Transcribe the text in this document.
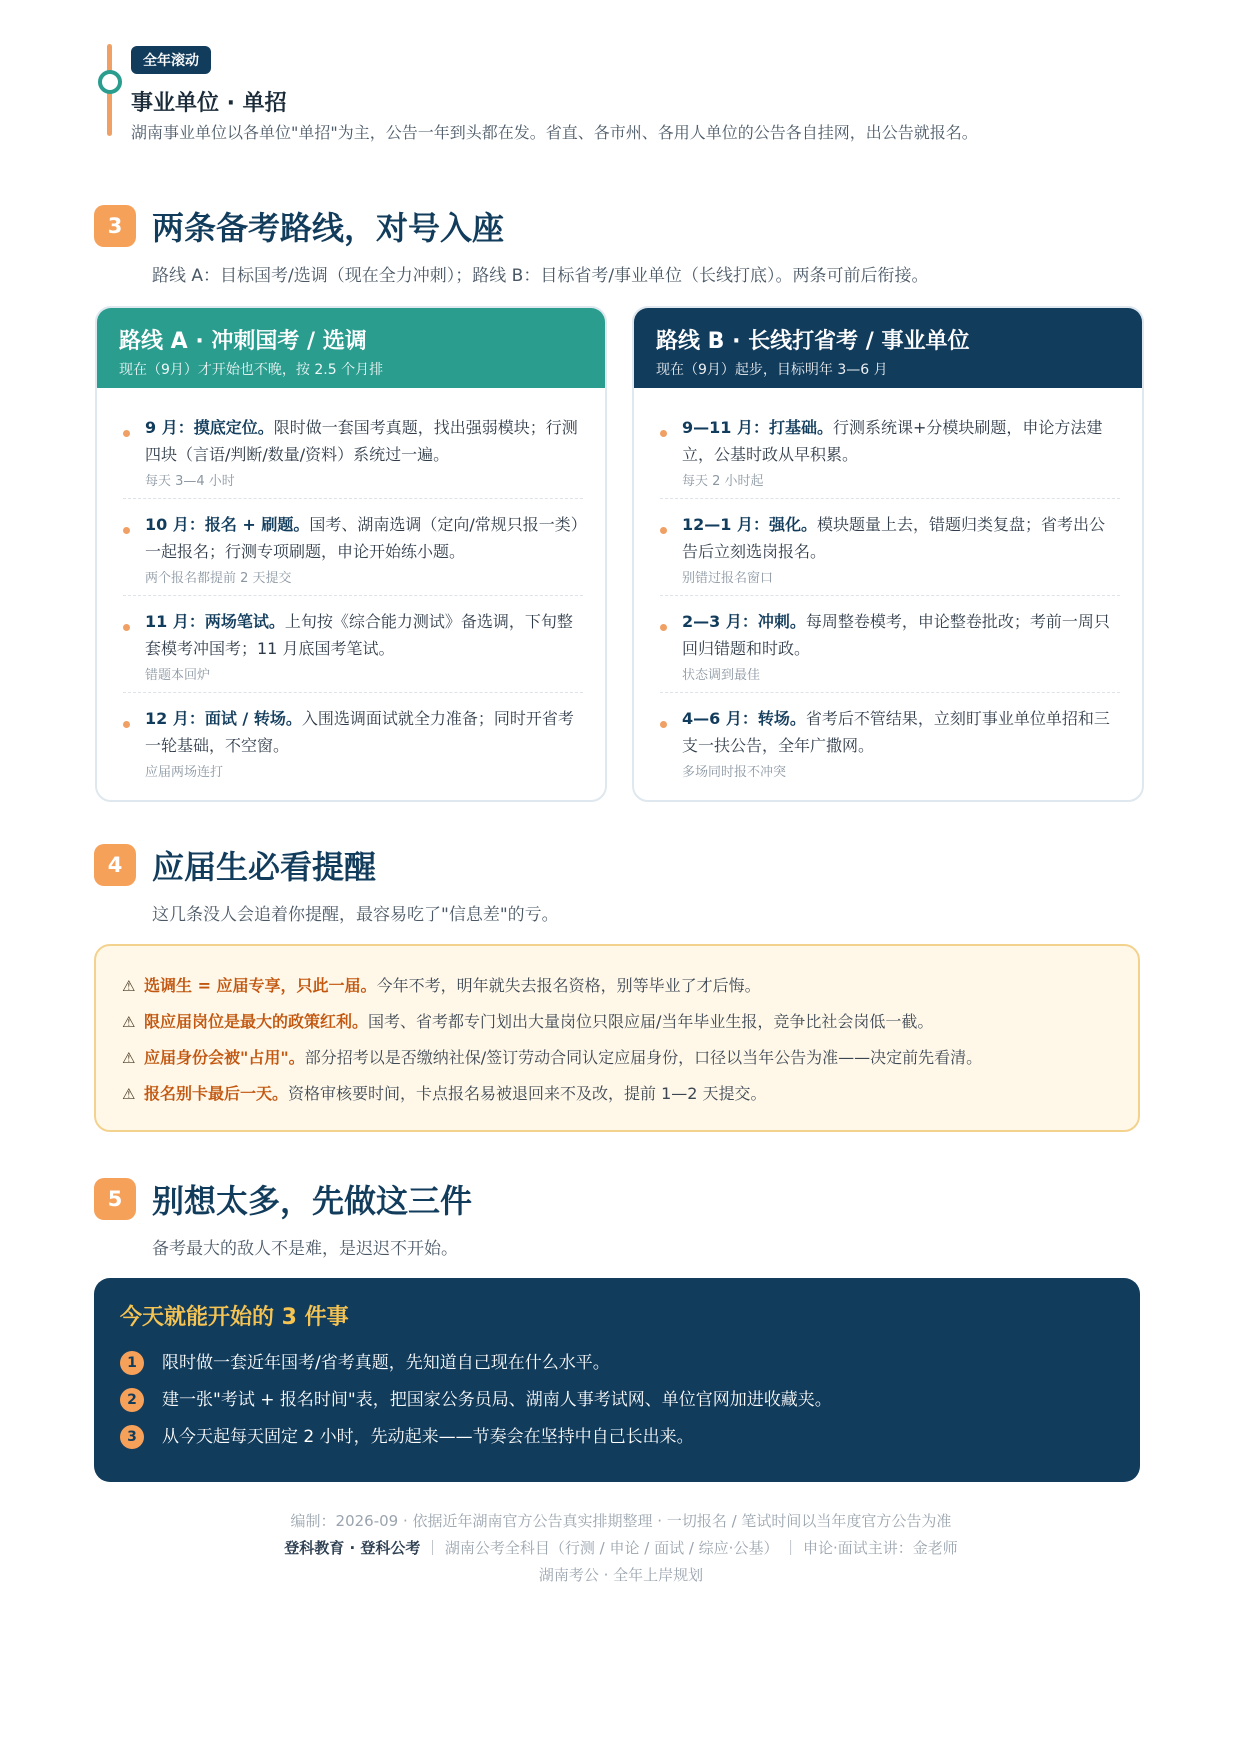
全年滚动
事业单位 · 单招
湖南事业单位以各单位"单招"为主，公告一年到头都在发。省直、各市州、各用人单位的公告各自挂网，出公告就报名。
3 两条备考路线，对号入座
路线 A：目标国考/选调（现在全力冲刺）；路线 B：目标省考/事业单位（长线打底）。两条可前后衔接。
路线 A · 冲刺国考 / 选调
现在（9月）才开始也不晚，按 2.5 个月排
9 月：摸底定位。限时做一套国考真题，找出强弱模块；行测四块（言语/判断/数量/资料）系统过一遍。
每天 3—4 小时
10 月：报名 + 刷题。国考、湖南选调（定向/常规只报一类）一起报名；行测专项刷题，申论开始练小题。
两个报名都提前 2 天提交
11 月：两场笔试。上旬按《综合能力测试》备选调，下旬整套模考冲国考；11 月底国考笔试。
错题本回炉
12 月：面试 / 转场。入围选调面试就全力准备；同时开省考一轮基础，不空窗。
应届两场连打
路线 B · 长线打省考 / 事业单位
现在（9月）起步，目标明年 3—6 月
9—11 月：打基础。行测系统课+分模块刷题，申论方法建立，公基时政从早积累。
每天 2 小时起
12—1 月：强化。模块题量上去，错题归类复盘；省考出公告后立刻选岗报名。
别错过报名窗口
2—3 月：冲刺。每周整卷模考，申论整卷批改；考前一周只回归错题和时政。
状态调到最佳
4—6 月：转场。省考后不管结果，立刻盯事业单位单招和三支一扶公告，全年广撒网。
多场同时报不冲突
4 应届生必看提醒
这几条没人会追着你提醒，最容易吃了"信息差"的亏。
⚠ 选调生 = 应届专享，只此一届。今年不考，明年就失去报名资格，别等毕业了才后悔。
⚠ 限应届岗位是最大的政策红利。国考、省考都专门划出大量岗位只限应届/当年毕业生报，竞争比社会岗低一截。
⚠ 应届身份会被"占用"。部分招考以是否缴纳社保/签订劳动合同认定应届身份，口径以当年公告为准——决定前先看清。
⚠ 报名别卡最后一天。资格审核要时间，卡点报名易被退回来不及改，提前 1—2 天提交。
5 别想太多，先做这三件
备考最大的敌人不是难，是迟迟不开始。
今天就能开始的 3 件事
1 限时做一套近年国考/省考真题，先知道自己现在什么水平。
2 建一张"考试 + 报名时间"表，把国家公务员局、湖南人事考试网、单位官网加进收藏夹。
3 从今天起每天固定 2 小时，先动起来——节奏会在坚持中自己长出来。
编制：2026-09 · 依据近年湖南官方公告真实排期整理 · 一切报名 / 笔试时间以当年度官方公告为准
登科教育 · 登科公考 ｜ 湖南公考全科目（行测 / 申论 / 面试 / 综应·公基） ｜ 申论·面试主讲：金老师
湖南考公 · 全年上岸规划
